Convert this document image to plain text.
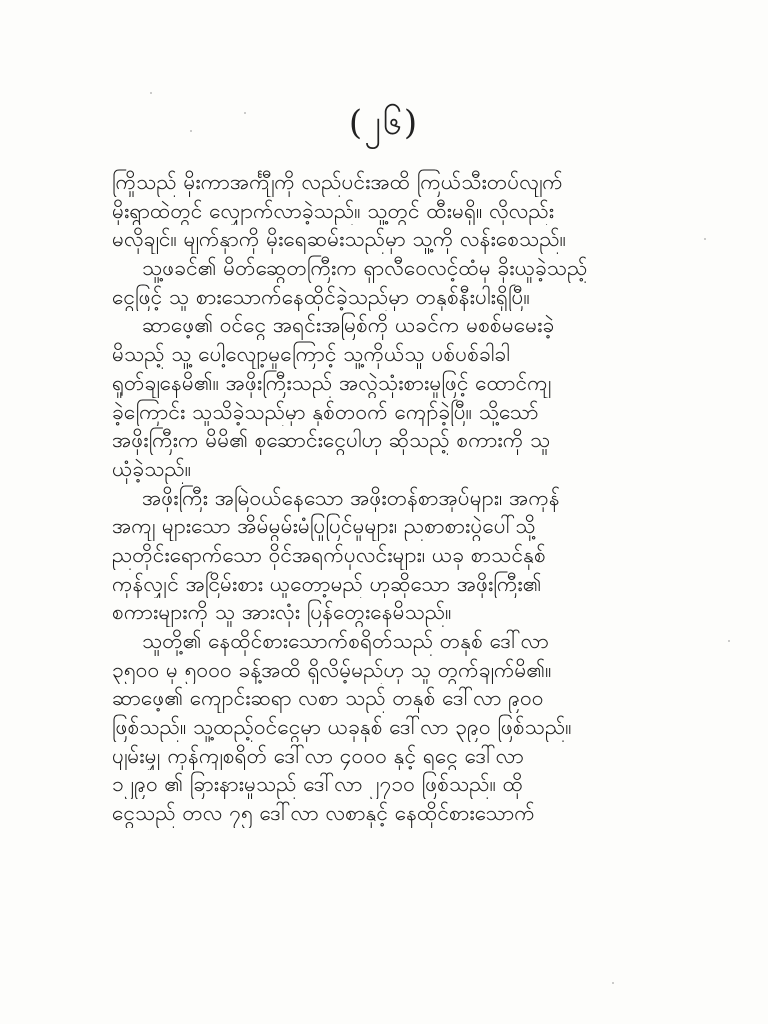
(၂၆)
ကြိုသည် မိုးကာအင်္ကျီကို လည်ပင်းအထိ ကြယ်သီးတပ်လျက်
မိုးရွာထဲတွင် လျှောက်လာခဲ့သည်။ သူ့တွင် ထီးမရှိ။ လိုလည်း
မလိုချင်။ မျက်နှာကို မိုးရေဆမ်းသည်မှာ သူ့ကို လန်းစေသည်။
သူ့ဖခင်၏ မိတ်ဆွေတကြီးက ရှာလီဝေလင့်ထံမှ ခိုးယူခဲ့သည့်
ငွေဖြင့် သူ စားသောက်နေထိုင်ခဲ့သည်မှာ တနှစ်နီးပါးရှိပြီ။
ဆာဖေ့၏ ဝင်ငွေ အရင်းအမြစ်ကို ယခင်က မစစ်မမေးခဲ့
မိသည့် သူ့ ပေါ့လျော့မှုကြောင့် သူ့ကိုယ်သူ ပစ်ပစ်ခါခါ
ရှုတ်ချနေမိ၏။ အဖိုးကြီးသည် အလွဲသုံးစားမှုဖြင့် ထောင်ကျ
ခဲ့ကြောင်း သူသိခဲ့သည်မှာ နှစ်တဝက် ကျော်ခဲ့ပြီ။ သို့သော်
အဖိုးကြီးက မိမိ၏ စုဆောင်းငွေပါဟု ဆိုသည့် စကားကို သူ
ယုံခဲ့သည်။
အဖိုးကြီး အမြဲဝယ်နေသော အဖိုးတန်စာအုပ်များ၊ အကုန်
အကျ များသော အိမ်မွမ်းမံပြုပြင်မှုများ၊ ညစာစားပွဲပေါ်သို့
ညတိုင်းရောက်သော ဝိုင်အရက်ပုလင်းများ၊ ယခု စာသင်နှစ်
ကုန်လျှင် အငြိမ်းစား ယူတော့မည် ဟုဆိုသော အဖိုးကြီး၏
စကားများကို သူ အားလုံး ပြန်တွေးနေမိသည်။
သူတို့၏ နေထိုင်စားသောက်စရိတ်သည် တနှစ် ဒေါ်လာ
၃၅၀၀ မှ ၅၀၀၀ ခန့်အထိ ရှိလိမ့်မည်ဟု သူ တွက်ချက်မိ၏။
ဆာဖေ့၏ ကျောင်းဆရာ လစာ သည် တနှစ် ဒေါ်လာ ၉၀၀
ဖြစ်သည်။ သူ့ထည့်ဝင်ငွေမှာ ယခုနှစ် ဒေါ်လာ ၃၉၀ ဖြစ်သည်။
ပျမ်းမျှ ကုန်ကျစရိတ် ဒေါ်လာ ၄၀၀၀ နှင့် ရငွေ ဒေါ်လာ
၁၂၉၀ ၏ ခြားနားမှုသည် ဒေါ်လာ ၂၇၁၀ ဖြစ်သည်။ ထို
ငွေသည် တလ ၇၅ ဒေါ်လာ လစာနှင့် နေထိုင်စားသောက်
